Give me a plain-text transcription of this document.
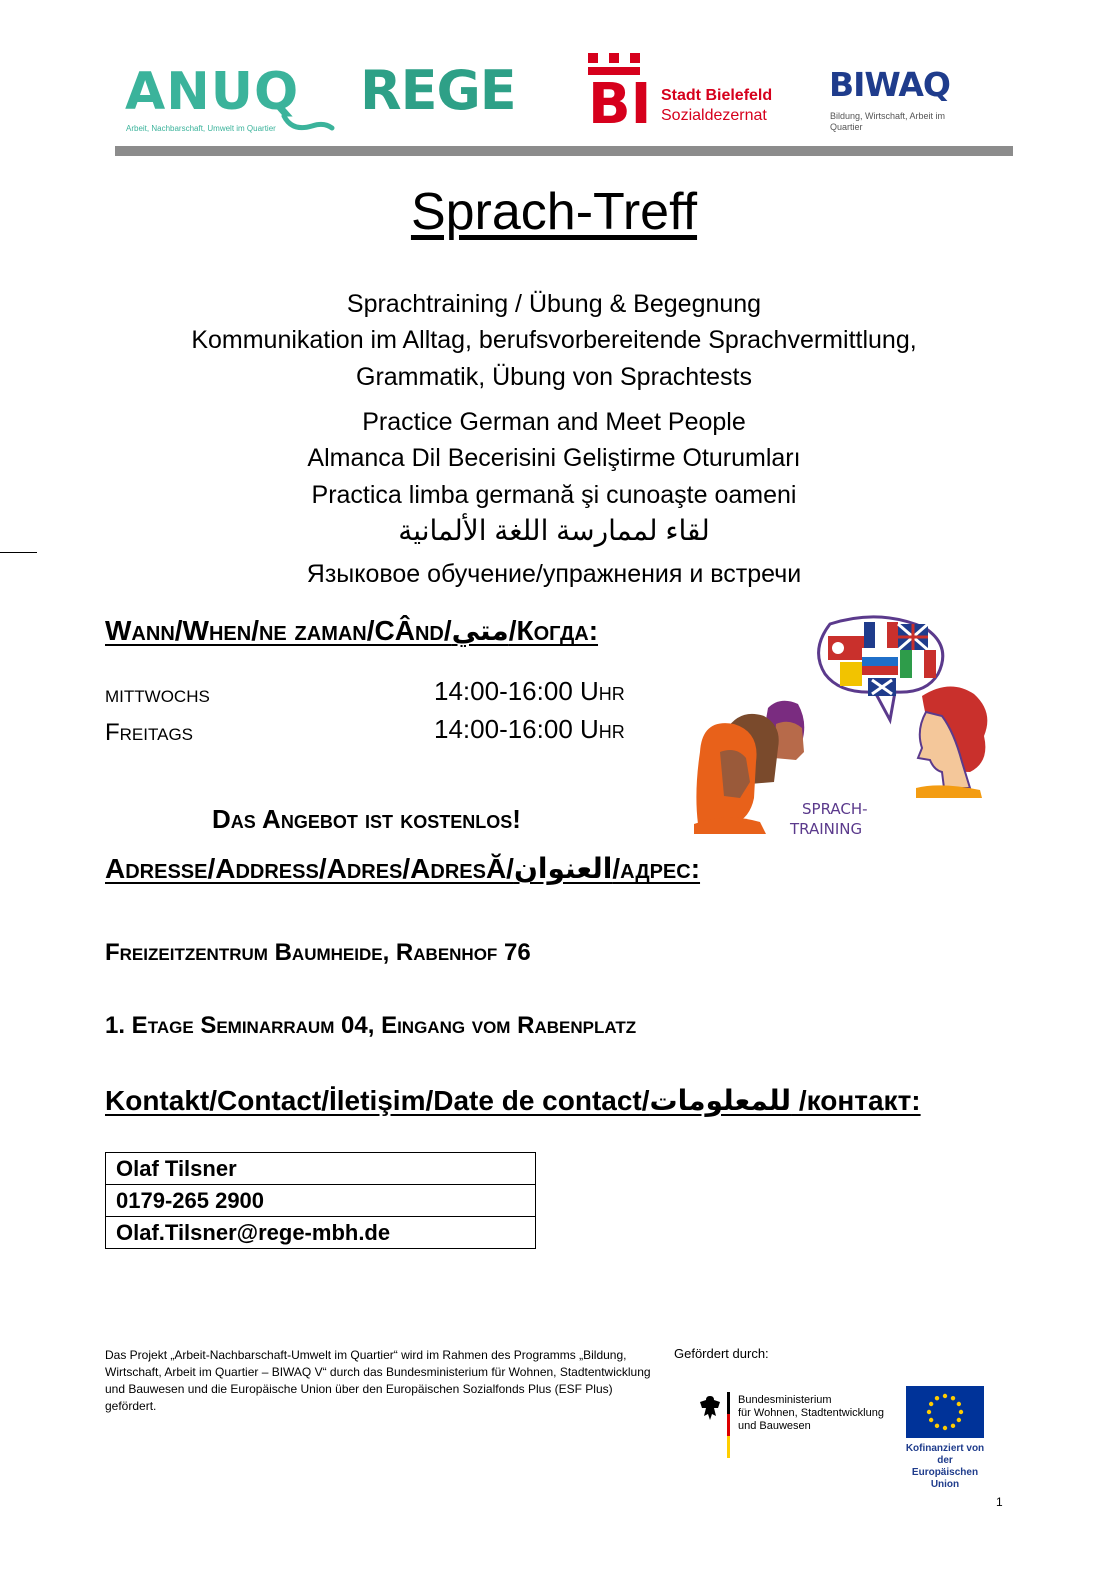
ANUQ
Arbeit, Nachbarschaft, Umwelt im Quartier
REGE BI Stadt Bielefeld
Sozialdezernat
BIWAQ
Bildung, Wirtschaft, Arbeit im Quartier
Sprach-Treff
Sprachtraining / Übung & Begegnung
Kommunikation im Alltag, berufsvorbereitende Sprachvermittlung,
Grammatik, Übung von Sprachtests
Practice German and Meet People
Almanca Dil Becerisini Geliştirme Oturumları
Practica limba germană şi cunoaşte oameni
لقاء لممارسة اللغة الألمانية
Языковое обучение/упражнения и встречи
Wann/When/ne zaman/CÂnd/متي/Когда:
mittwochs	14:00-16:00 Uhr
Freitags	14:00-16:00 Uhr
SPRACH-
TRAINING
Das Angebot ist kostenlos!
Adresse/Address/Adres/AdresĂ/العنوان/адрес:
Freizeitzentrum Baumheide, Rabenhof 76
1. Etage Seminarraum 04, Eingang vom Rabenplatz
Kontakt/Contact/İletişim/Date de contact/للمعلومات /контакт:
Olaf Tilsner
0179-265 2900
Olaf.Tilsner@rege-mbh.de
Das Projekt „Arbeit-Nachbarschaft-Umwelt im Quartier“ wird im Rahmen des Programms „Bildung, Wirtschaft, Arbeit im Quartier – BIWAQ V“ durch das Bundesministerium für Wohnen, Stadtentwicklung und Bauwesen und die Europäische Union über den Europäischen Sozialfonds Plus (ESF Plus) gefördert.
Gefördert durch:
Bundesministerium
für Wohnen, Stadtentwicklung
und Bauwesen
Kofinanziert von der
Europäischen Union
1
